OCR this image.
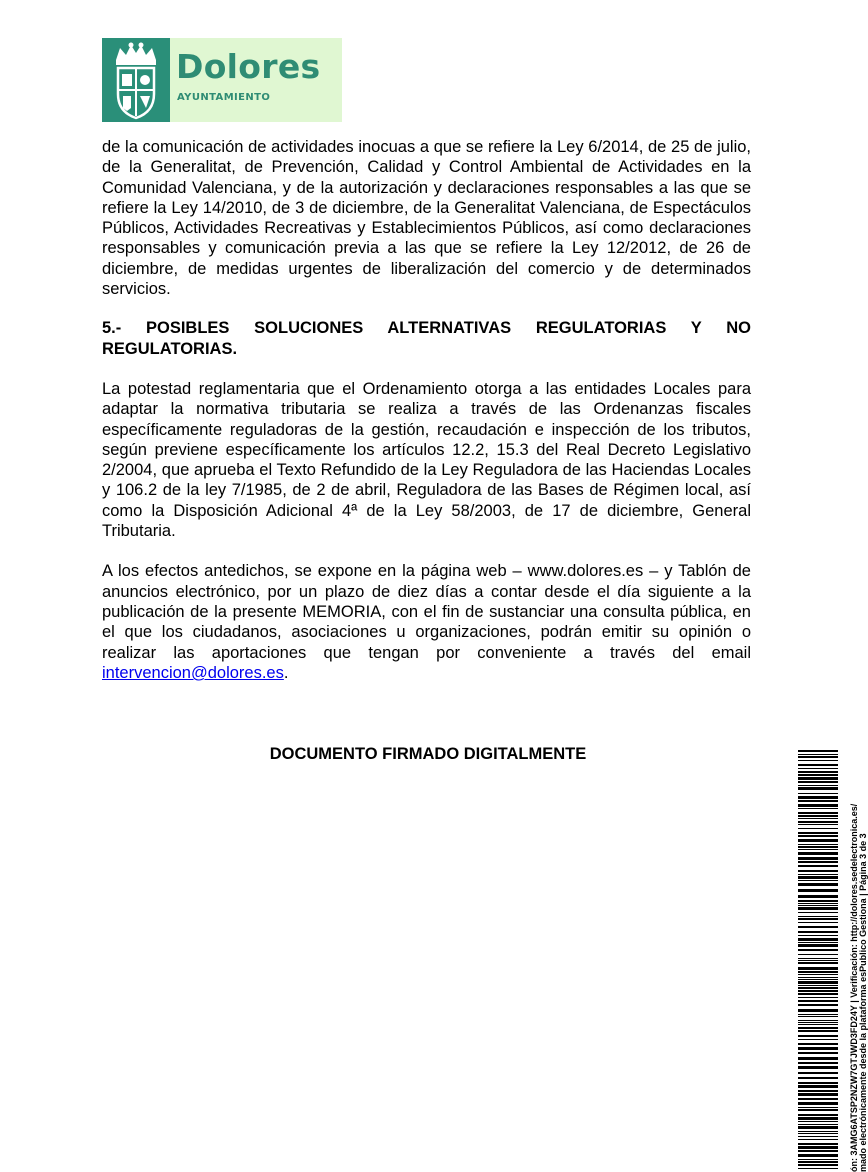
Dolores
AYUNTAMIENTO

de la comunicación de actividades inocuas a que se refiere la Ley 6/2014, de 25 de julio, de la Generalitat, de Prevención, Calidad y Control Ambiental de Actividades en la Comunidad Valenciana, y de la autorización y declaraciones responsables a las que se refiere la Ley 14/2010, de 3 de diciembre, de la Generalitat Valenciana, de Espectáculos Públicos, Actividades Recreativas y Establecimientos Públicos, así como declaraciones responsables y comunicación previa a las que se refiere la Ley 12/2012, de 26 de diciembre, de medidas urgentes de liberalización del comercio y de determinados servicios.

5.- POSIBLES SOLUCIONES ALTERNATIVAS REGULATORIAS Y NO REGULATORIAS.

La potestad reglamentaria que el Ordenamiento otorga a las entidades Locales para adaptar la normativa tributaria se realiza a través de las Ordenanzas fiscales específicamente reguladoras de la gestión, recaudación e inspección de los tributos, según previene específicamente los artículos 12.2, 15.3 del Real Decreto Legislativo 2/2004, que aprueba el Texto Refundido de la Ley Reguladora de las Haciendas Locales y 106.2 de la ley 7/1985, de 2 de abril, Reguladora de las Bases de Régimen local, así como la Disposición Adicional 4ª de la Ley 58/2003, de 17 de diciembre, General Tributaria.

A los efectos antedichos, se expone en la página web – www.dolores.es – y Tablón de anuncios electrónico, por un plazo de diez días a contar desde el día siguiente a la publicación de la presente MEMORIA, con el fin de sustanciar una consulta pública, en el que los ciudadanos, asociaciones u organizaciones, podrán emitir su opinión o realizar las aportaciones que tengan por conveniente a través del email intervencion@dolores.es.

DOCUMENTO FIRMADO DIGITALMENTE
ón: 3AMG6ATSP2NZW7GTJWD3FD24Y | Verificación: http://dolores.sedelectronica.es/ mado electrónicamente desde la plataforma esPublico Gestiona | Página 3 de 3
